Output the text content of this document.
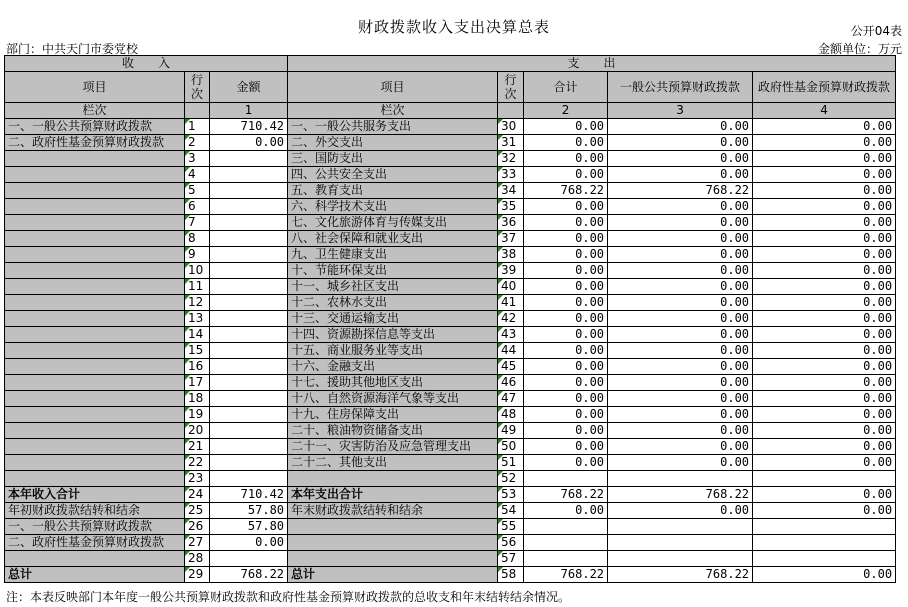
财政拨款收入支出决算总表	公开04表
部门：中共天门市委党校	金额单位：万元
收　　入			支　　出				
项目	行次	金额	项目	行次	合计	一般公共预算财政拨款	政府性基金预算财政拨款
栏次		1	栏次		2	3	4
一、一般公共预算财政拨款	1	710.42	一、一般公共服务支出	30	0.00	0.00	0.00
二、政府性基金预算财政拨款	2	0.00	二、外交支出	31	0.00	0.00	0.00
	3		三、国防支出	32	0.00	0.00	0.00
	4		四、公共安全支出	33	0.00	0.00	0.00
	5		五、教育支出	34	768.22	768.22	0.00
	6		六、科学技术支出	35	0.00	0.00	0.00
	7		七、文化旅游体育与传媒支出	36	0.00	0.00	0.00
	8		八、社会保障和就业支出	37	0.00	0.00	0.00
	9		九、卫生健康支出	38	0.00	0.00	0.00
	10		十、节能环保支出	39	0.00	0.00	0.00
	11		十一、城乡社区支出	40	0.00	0.00	0.00
	12		十二、农林水支出	41	0.00	0.00	0.00
	13		十三、交通运输支出	42	0.00	0.00	0.00
	14		十四、资源勘探信息等支出	43	0.00	0.00	0.00
	15		十五、商业服务业等支出	44	0.00	0.00	0.00
	16		十六、金融支出	45	0.00	0.00	0.00
	17		十七、援助其他地区支出	46	0.00	0.00	0.00
	18		十八、自然资源海洋气象等支出	47	0.00	0.00	0.00
	19		十九、住房保障支出	48	0.00	0.00	0.00
	20		二十、粮油物资储备支出	49	0.00	0.00	0.00
	21		二十一、灾害防治及应急管理支出	50	0.00	0.00	0.00
	22		二十二、其他支出	51	0.00	0.00	0.00
	23			52			
本年收入合计	24	710.42	本年支出合计	53	768.22	768.22	0.00
年初财政拨款结转和结余	25	57.80	年末财政拨款结转和结余	54	0.00	0.00	0.00
一、一般公共预算财政拨款	26	57.80		55			
二、政府性基金预算财政拨款	27	0.00		56			
	28			57			
总计	29	768.22	总计	58	768.22	768.22	0.00
注：本表反映部门本年度一般公共预算财政拨款和政府性基金预算财政拨款的总收支和年末结转结余情况。
